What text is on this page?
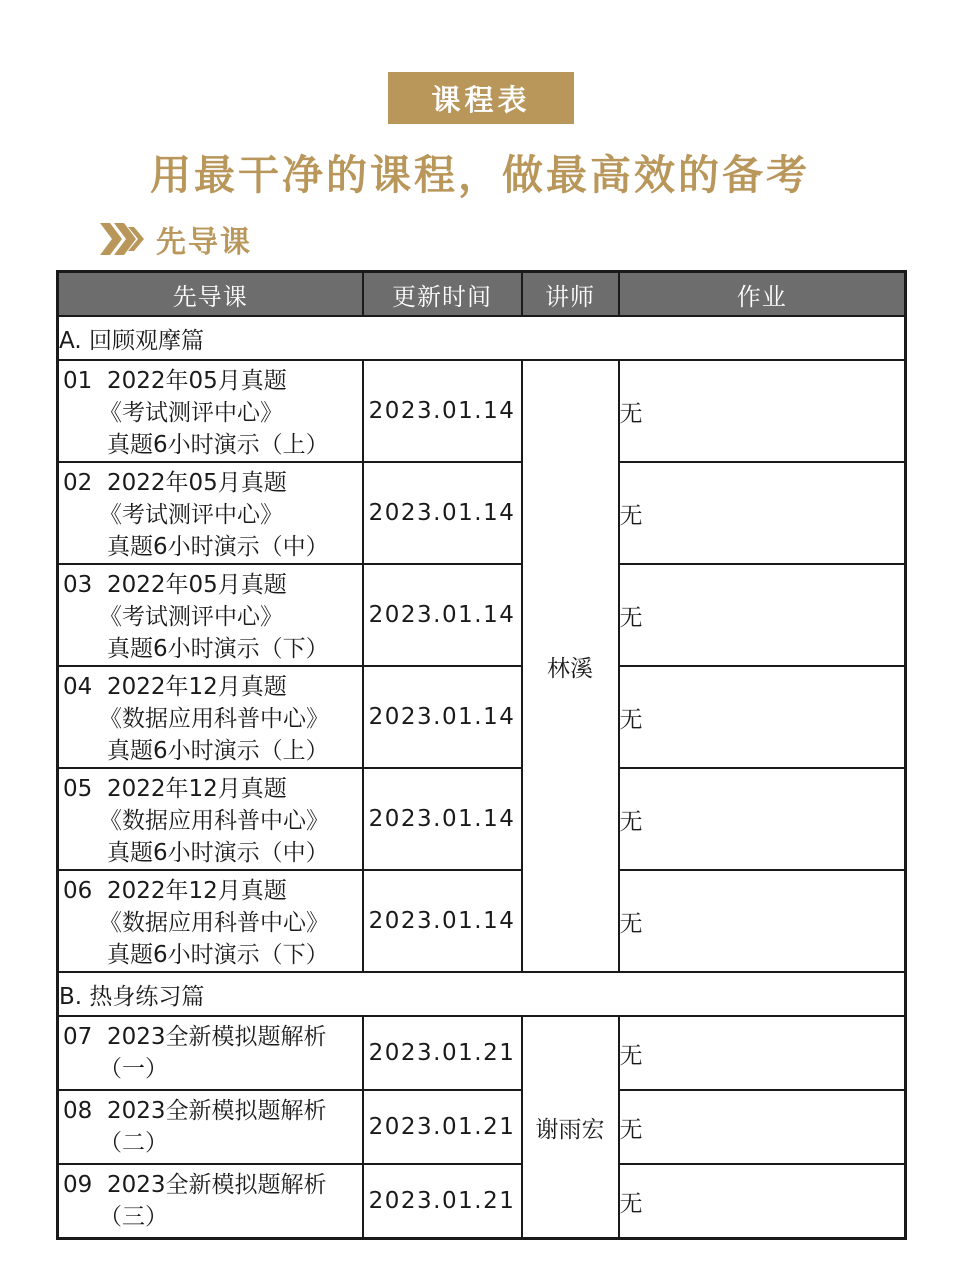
课程表
用最干净的课程，做最高效的备考
先导课
先导课	更新时间	讲师	作业
A. 回顾观摩篇			

01 2022年05月真题
《考试测评中心》
真题6小时演示（上）	2023.01.14	林溪	无

02 2022年05月真题
《考试测评中心》
真题6小时演示（中）	2023.01.14		无

03 2022年05月真题
《考试测评中心》
真题6小时演示（下）	2023.01.14		无

04 2022年12月真题
《数据应用科普中心》
真题6小时演示（上）	2023.01.14		无

05 2022年12月真题
《数据应用科普中心》
真题6小时演示（中）	2023.01.14		无

06 2022年12月真题
《数据应用科普中心》
真题6小时演示（下）	2023.01.14		无
B. 热身练习篇			

07 2023全新模拟题解析
（一）	2023.01.21	谢雨宏	无

08 2023全新模拟题解析
（二）	2023.01.21		无

09 2023全新模拟题解析
（三）	2023.01.21		无
